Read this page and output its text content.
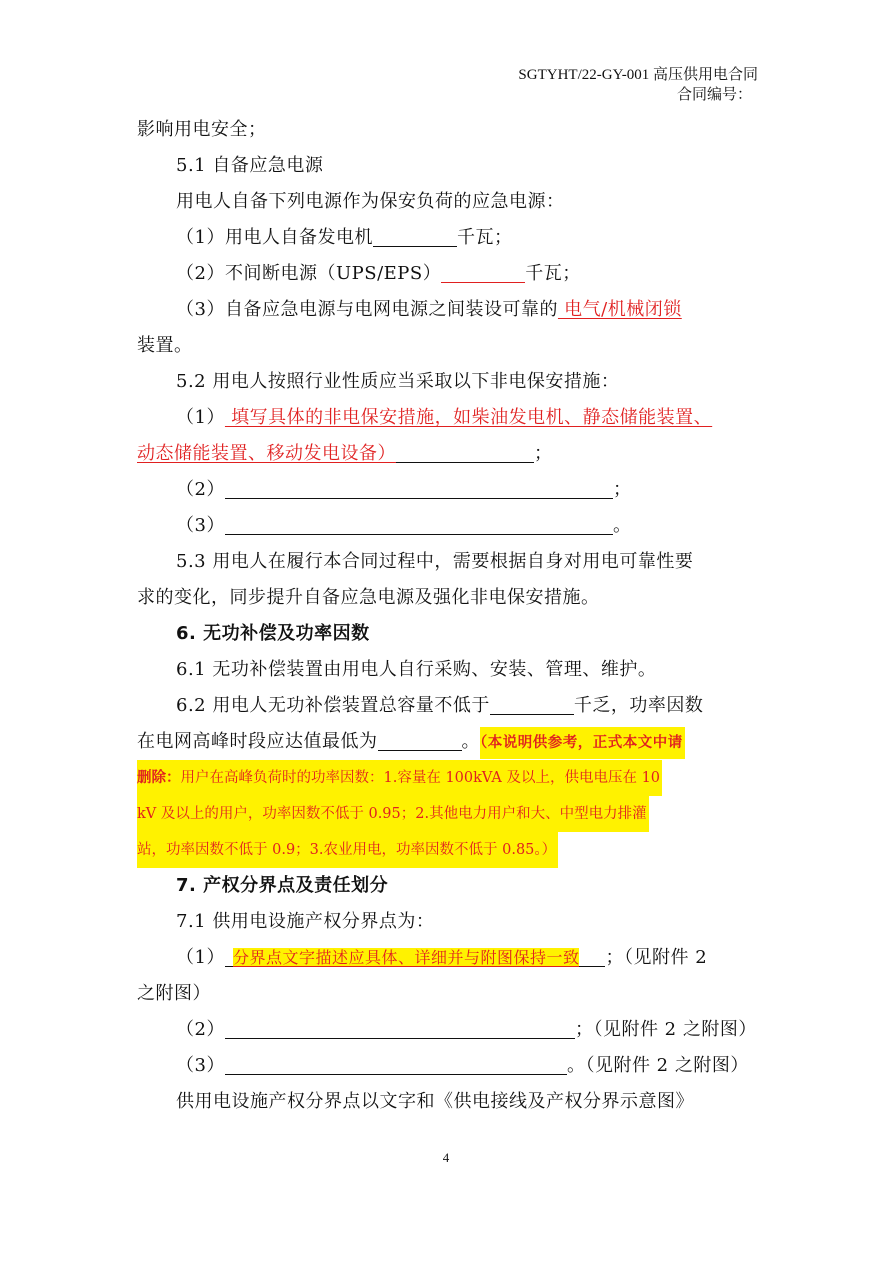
SGTYHT/22-GY-001 高压供用电合同
合同编号：
影响用电安全；
5.1 自备应急电源
用电人自备下列电源作为保安负荷的应急电源：
（1）用电人自备发电机	千瓦；
（2）不间断电源（UPS/EPS）	千瓦；
（3）自备应急电源与电网电源之间装设可靠的 电气/机械闭锁
装置。
5.2 用电人按照行业性质应当采取以下非电保安措施：
（1） 填写具体的非电保安措施，如柴油发电机、静态储能装置、
动态储能装置、移动发电设备）	；
（2）	；
（3）	。
5.3 用电人在履行本合同过程中，需要根据自身对用电可靠性要
求的变化，同步提升自备应急电源及强化非电保安措施。
6. 无功补偿及功率因数
6.1 无功补偿装置由用电人自行采购、安装、管理、维护。
6.2 用电人无功补偿装置总容量不低于	千乏，功率因数
在电网高峰时段应达值最低为	。（本说明供参考，正式本文中请
删除：用户在高峰负荷时的功率因数：1.容量在 100kVA 及以上，供电电压在 10
kV 及以上的用户，功率因数不低于 0.95；2.其他电力用户和大、中型电力排灌
站，功率因数不低于 0.9；3.农业用电，功率因数不低于 0.85。）
7. 产权分界点及责任划分
7.1 供用电设施产权分界点为：
（1） 分界点文字描述应具体、详细并与附图保持一致 ；（见附件 2
之附图）
（2）	；（见附件 2 之附图）
（3）	。（见附件 2 之附图）
供用电设施产权分界点以文字和《供电接线及产权分界示意图》
4
